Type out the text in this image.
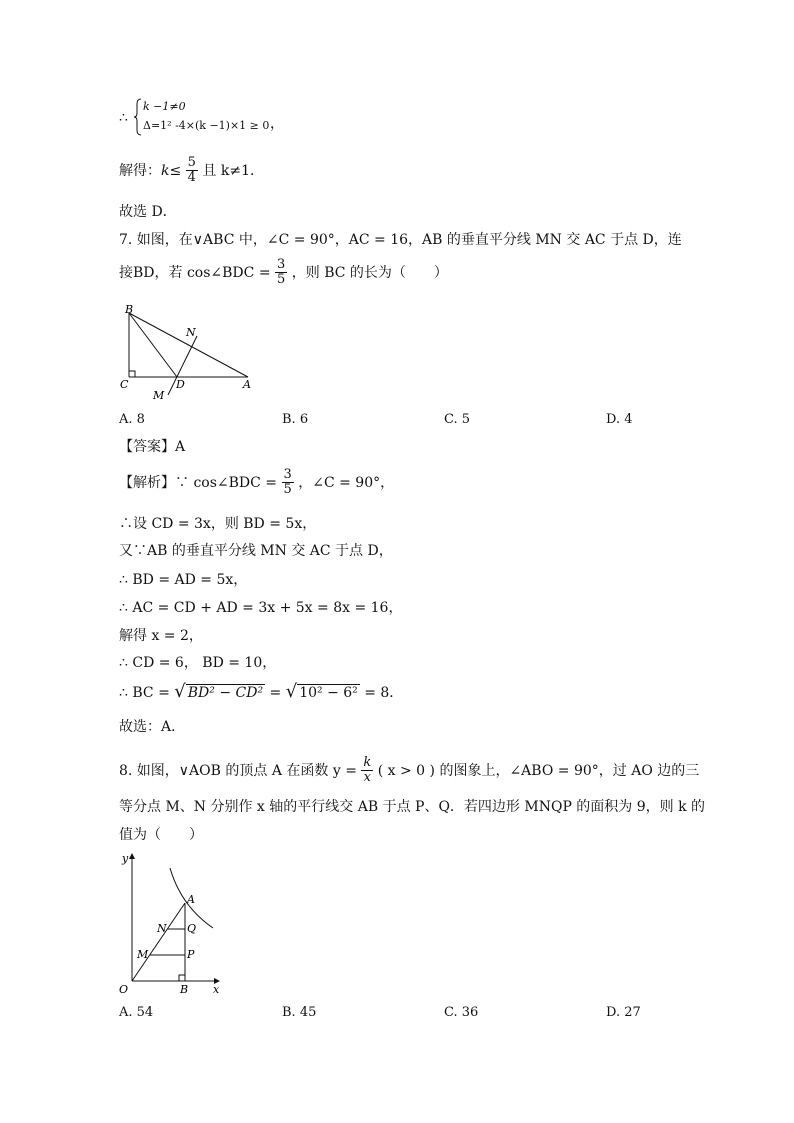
∴
k −1≠0
Δ=1² -4×(k −1)×1 ≥ 0 ，
解得：$k\le \frac{5}{4}$ 且 k≠1．
故选 D．
7. 如图，在∨ABC 中，∠C = 90°，AC = 16，AB 的垂直平分线 MN 交 AC 于点 D，连
接BD，若 cos∠BDC = $\frac{3}{5}$ ，则 BC 的长为（　　）
B
N
C	D	A
M
A. 8	B. 6	C. 5	D. 4
【答案】A
【解析】∵ cos∠BDC = $\frac{3}{5}$ ，∠C = 90°，
∴设 CD = 3x，则 BD = 5x，
又∵AB 的垂直平分线 MN 交 AC 于点 D，
∴ BD = AD = 5x，
∴ AC = CD + AD = 3x + 5x = 8x = 16，
解得 x = 2，
∴ CD = 6， BD = 10，
∴ BC = √ BD² − CD² = √ 10² − 6² = 8．
故选：A．
8. 如图，∨AOB 的顶点 A 在函数 $y = \frac{k}{x}$ ( x > 0 ) 的图象上，∠ABO = 90°，过 AO 边的三
等分点 M、N 分别作 x 轴的平行线交 AB 于点 P、Q．若四边形 MNQP 的面积为 9，则 k 的
值为（　　）
y
A
N Q
M	P
O	B x
A. 54	B. 45	C. 36	D. 27
